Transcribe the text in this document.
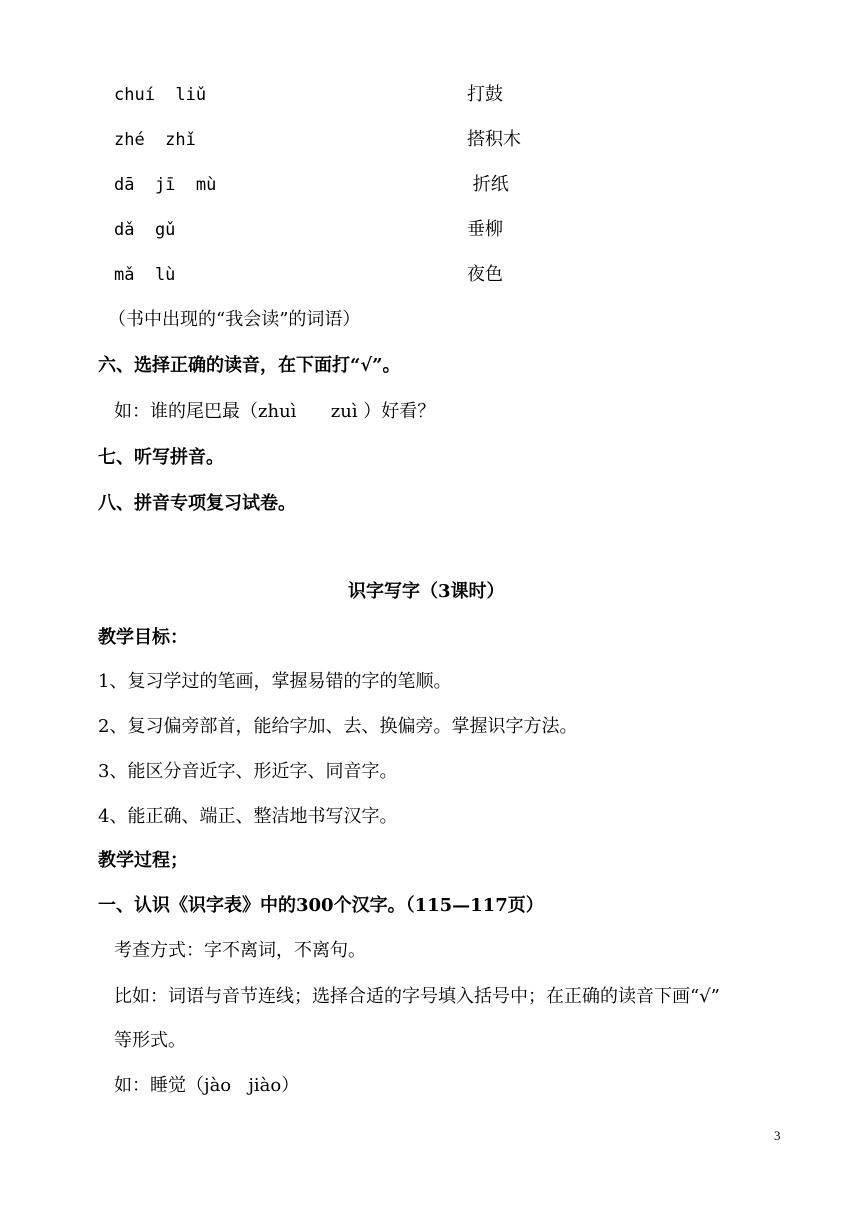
chuí  liǔ	打鼓
zhé  zhǐ	搭积木
dā  jī  mù	折纸
dǎ  gǔ	垂柳
mǎ  lù	夜色
（书中出现的“我会读”的词语）
六、选择正确的读音，在下面打“√”。
如：谁的尾巴最（zhuì      zuì ）好看？
七、听写拼音。
八、拼音专项复习试卷。
识字写字（3课时）
教学目标：
1、复习学过的笔画，掌握易错的字的笔顺。
2、复习偏旁部首，能给字加、去、换偏旁。掌握识字方法。
3、能区分音近字、形近字、同音字。
4、能正确、端正、整洁地书写汉字。
教学过程；
一、认识《识字表》中的300个汉字。（115—117页）
考查方式：字不离词，不离句。
比如：词语与音节连线；选择合适的字号填入括号中；在正确的读音下画“√”
等形式。
如：睡觉（jào   jiào）
3
